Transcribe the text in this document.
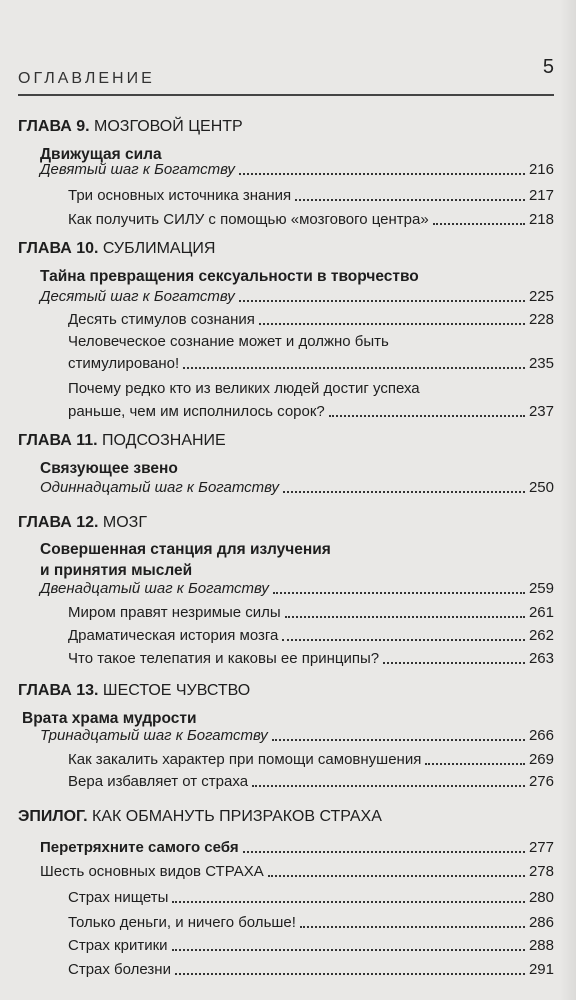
ОГЛАВЛЕНИЕ
5
ГЛАВА 9. МОЗГОВОЙ ЦЕНТР
Движущая сила
Девятый шаг к Богатству	216
Три основных источника знания	217
Как получить СИЛУ с помощью «мозгового центра»	218
ГЛАВА 10. СУБЛИМАЦИЯ
Тайна превращения сексуальности в творчество
Десятый шаг к Богатству	225
Десять стимулов сознания	228
Человеческое сознание может и должно быть
стимулировано!	235
Почему редко кто из великих людей достиг успеха
раньше, чем им исполнилось сорок?	237
ГЛАВА 11. ПОДСОЗНАНИЕ
Связующее звено
Одиннадцатый шаг к Богатству	250
ГЛАВА 12. МОЗГ
Совершенная станция для излучения
и принятия мыслей
Двенадцатый шаг к Богатству	259
Миром правят незримые силы	261
Драматическая история мозга	262
Что такое телепатия и каковы ее принципы?	263
ГЛАВА 13. ШЕСТОЕ ЧУВСТВО
Врата храма мудрости
Тринадцатый шаг к Богатству	266
Как закалить характер при помощи самовнушения	269
Вера избавляет от страха	276
ЭПИЛОГ. КАК ОБМАНУТЬ ПРИЗРАКОВ СТРАХА
Перетряхните самого себя	277
Шесть основных видов СТРАХА	278
Страх нищеты	280
Только деньги, и ничего больше!	286
Страх критики	288
Страх болезни	291
